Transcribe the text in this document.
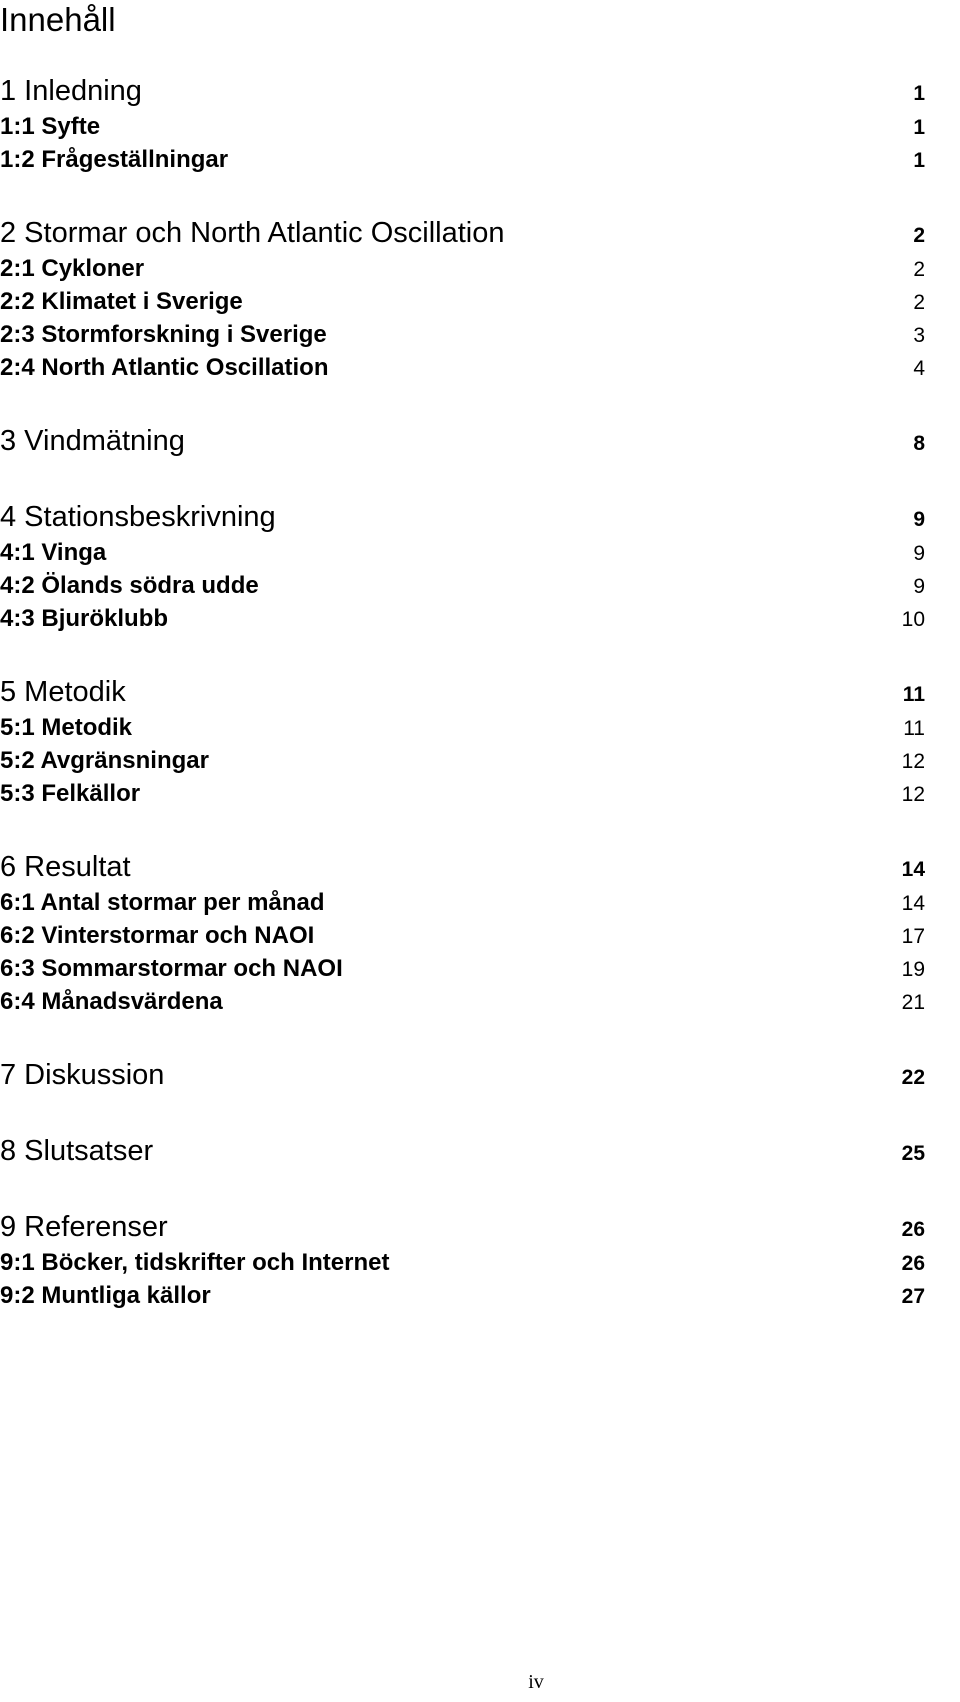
Innehåll
1 Inledning	1
1:1 Syfte	1
1:2 Frågeställningar	1
2 Stormar och North Atlantic Oscillation	2
2:1 Cykloner	2
2:2 Klimatet i Sverige	2
2:3 Stormforskning i Sverige	3
2:4 North Atlantic Oscillation	4
3 Vindmätning	8
4 Stationsbeskrivning	9
4:1 Vinga	9
4:2 Ölands södra udde	9
4:3 Bjuröklubb	10
5 Metodik	11
5:1 Metodik	11
5:2 Avgränsningar	12
5:3 Felkällor	12
6 Resultat	14
6:1 Antal stormar per månad	14
6:2 Vinterstormar och NAOI	17
6:3 Sommarstormar och NAOI	19
6:4 Månadsvärdena	21
7 Diskussion	22
8 Slutsatser	25
9 Referenser	26
9:1 Böcker, tidskrifter och Internet	26
9:2 Muntliga källor	27
iv
